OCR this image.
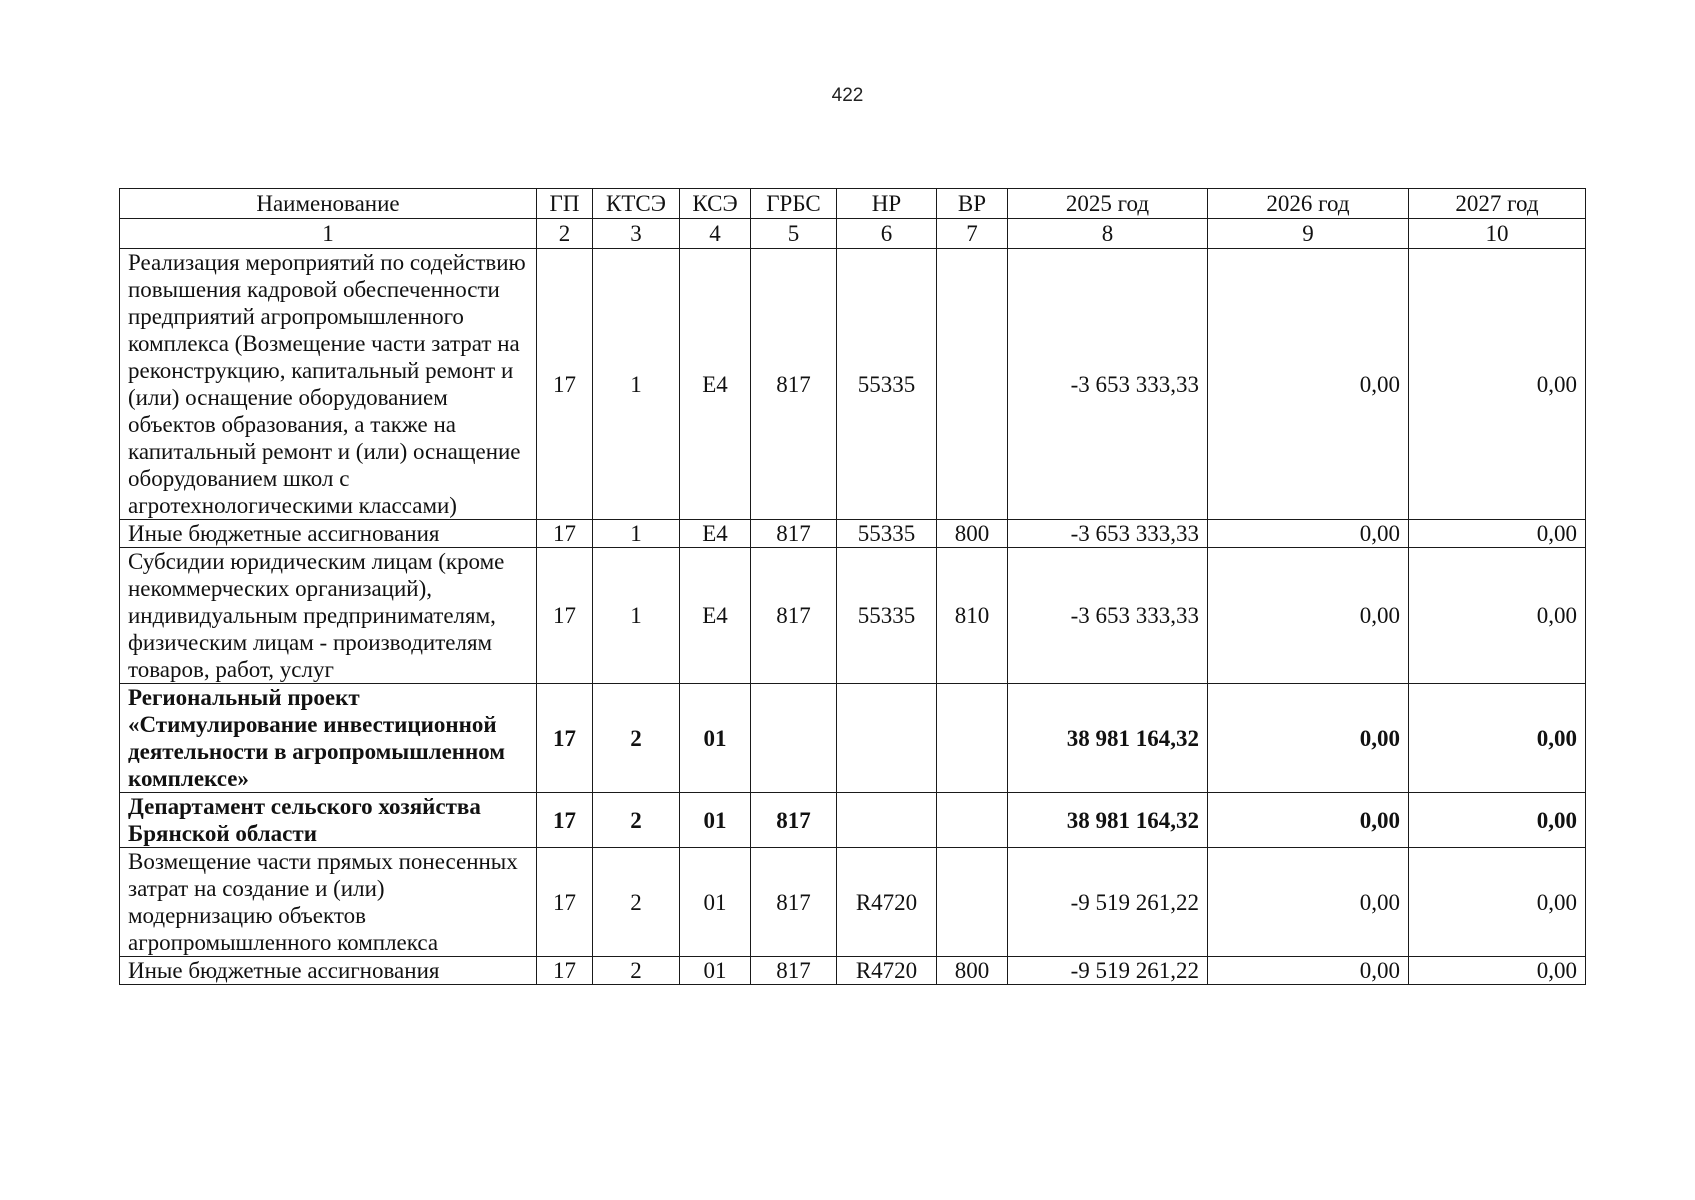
422
Наименование	ГП	КТСЭ	КСЭ	ГРБС	НР	ВР	2025 год	2026 год	2027 год
1	2	3	4	5	6	7	8	9	10
Реализация мероприятий по содействию повышения кадровой обеспеченности предприятий агропромышленного комплекса (Возмещение части затрат на реконструкцию, капитальный ремонт и (или) оснащение оборудованием объектов образования, а также на капитальный ремонт и (или) оснащение оборудованием школ с агротехнологическими классами)	17	1	Е4	817	55335		-3 653 333,33	0,00	0,00
Иные бюджетные ассигнования	17	1	Е4	817	55335	800	-3 653 333,33	0,00	0,00
Субсидии юридическим лицам (кроме некоммерческих организаций), индивидуальным предпринимателям, физическим лицам - производителям товаров, работ, услуг	17	1	Е4	817	55335	810	-3 653 333,33	0,00	0,00
Региональный проект «Стимулирование инвестиционной деятельности в агропромышленном комплексе»	17	2	01				38 981 164,32	0,00	0,00
Департамент сельского хозяйства Брянской области	17	2	01	817			38 981 164,32	0,00	0,00
Возмещение части прямых понесенных затрат на создание и (или) модернизацию объектов агропромышленного комплекса	17	2	01	817	R4720		-9 519 261,22	0,00	0,00
Иные бюджетные ассигнования	17	2	01	817	R4720	800	-9 519 261,22	0,00	0,00
